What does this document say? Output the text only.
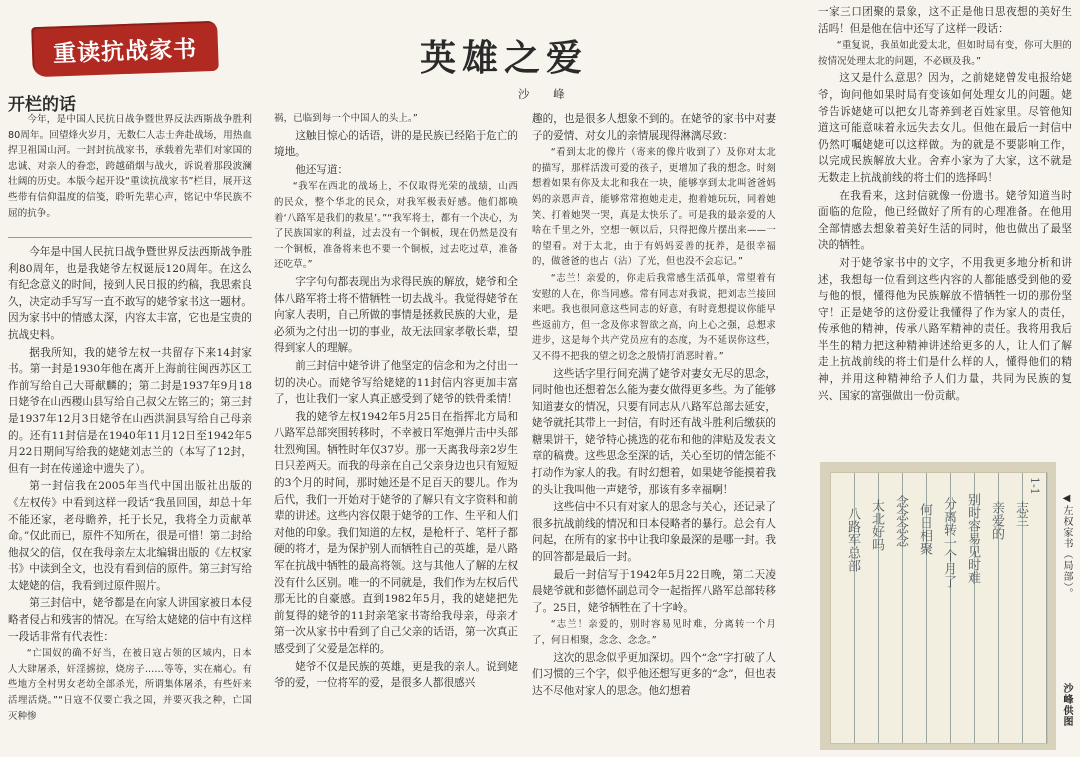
重读抗战家书
开栏的话

今年，是中国人民抗日战争暨世界反法西斯战争胜利80周年。回望烽火岁月，无数仁人志士奔赴战场，用热血捍卫祖国山河。一封封抗战家书，承载着先辈们对家国的忠诚、对亲人的眷恋，跨越硝烟与战火，诉说着那段波澜壮阔的历史。本版今起开设“重读抗战家书”栏目，展开这些带有信仰温度的信笺，聆听先辈心声，铭记中华民族不屈的抗争。

英雄之爱
沙 峰

今年是中国人民抗日战争暨世界反法西斯战争胜利80周年，也是我姥爷左权诞辰120周年。在这么有纪念意义的时间，接到人民日报的约稿，我思索良久，决定动手写写一直不敢写的姥爷家书这一题材。因为家书中的情感太深，内容太丰富，它也是宝贵的抗战史料。

据我所知，我的姥爷左权一共留存下来14封家书。第一封是1930年他在离开上海前往闽西苏区工作前写给自己大哥献麟的；第二封是1937年9月18日姥爷在山西稷山县写给自己叔父左铭三的；第三封是1937年12月3日姥爷在山西洪洞县写给自己母亲的。还有11封信是在1940年11月12日至1942年5月22日期间写给我的姥姥刘志兰的（本写了12封，但有一封在传递途中遗失了）。

第一封信我在2005年当代中国出版社出版的《左权传》中看到这样一段话“我虽回国，却总十年不能还家，老母瞻养，托于长兄，我将全力贡献革命。”仅此而已，原件不知所在，很是可惜！第二封给他叔父的信，仅在我母亲左太北编辑出版的《左权家书》中读到全文，也没有看到信的原件。第三封写给太姥姥的信，我看到过原件照片。

第三封信中，姥爷都是在向家人讲国家被日本侵略者侵占和残害的情况。在写给太姥姥的信中有这样一段话非常有代表性：

“亡国奴的确不好当，在被日寇占领的区域内，日本人大肆屠杀，奸淫掳掠，烧房子……等等，实在痛心。有些地方全村男女老幼全部杀光，所谓集体屠杀，有些奸来活埋活烧。”“日寇不仅要亡我之国，并要灭我之种，亡国灭种惨

祸，已临到每一个中国人的头上。”

这触目惊心的话语，讲的是民族已经陷于危亡的境地。

他还写道：

“我军在西北的战场上，不仅取得光荣的战绩，山西的民众，整个华北的民众，对我军极表好感。他们都唤着‘八路军是我们的救星’。”“我军将士，都有一个决心，为了民族国家的利益，过去没有一个铜板，现在仍然是没有一个铜板，准备将来也不要一个铜板，过去吃过草，准备还吃草。”

字字句句都表现出为求得民族的解放，姥爷和全体八路军将士将不惜牺牲一切去战斗。我觉得姥爷在向家人表明，自己所做的事情是拯救民族的大业，是必须为之付出一切的事业，故无法回家孝敬长辈，望得到家人的理解。

前三封信中姥爷讲了他坚定的信念和为之付出一切的决心。而姥爷写给姥姥的11封信内容更加丰富了，也让我们一家人真正感受到了姥爷的铁骨柔情！

我的姥爷左权1942年5月25日在指挥北方局和八路军总部突围转移时，不幸被日军炮弹片击中头部壮烈殉国。牺牲时年仅37岁。那一天离我母亲2岁生日只差两天。而我的母亲在自己父亲身边也只有短短的3个月的时间，那时她还是不足百天的婴儿。作为后代，我们一开始对于姥爷的了解只有文字资料和前辈的讲述。这些内容仅限于姥爷的工作、生平和人们对他的印象。我们知道的左权，是枪杆子、笔杆子都硬的将才，是为保护别人而牺牲自己的英雄，是八路军在抗战中牺牲的最高将领。这与其他人了解的左权没有什么区别。唯一的不同就是，我们作为左权后代那无比的自豪感。直到1982年5月，我的姥姥把先前复得的姥爷的11封亲笔家书寄给我母亲，母亲才第一次从家书中看到了自己父亲的话语，第一次真正感受到了父爱是怎样的。

姥爷不仅是民族的英雄，更是我的亲人。说到姥爷的爱，一位将军的爱，是很多人都很感兴

趣的，也是很多人想象不到的。在姥爷的家书中对妻子的爱情、对女儿的亲情展现得淋漓尽致：

“看到太北的像片（寄来的像片收到了）及你对太北的描写，那样活泼可爱的孩子，更增加了我的想念。时刻想着如果有你及太北和我在一块，能够享到太北叫爸爸妈妈的亲恩声音，能够常常抱她走走，抱着她玩玩，同着她笑、打着她哭一哭，真是太快乐了。可是我的最亲爱的人啥在千里之外，空想一顿以后，只得把像片摆出来——一的望看。对于太北，由于有妈妈妥善的抚养，是很幸福的，做爸爸的也占（沾）了光，但也没不会忘记。”

“志兰！亲爱的，你走后我常感生活孤单，常望着有安慰的人在，你当同感。常有同志对我说，把刘志兰接回来吧。我也很同意这些同志的好意，有时竟想提议你能早些返前方，但一念及你求智欲之高，向上心之强，总想求进步，这是每个共产党员应有的态度，为不延误你这些，又不得不把我的望之切念之殷情打消恶时着。”

这些话字里行间充满了姥爷对妻女无尽的思念，同时他也还想着怎么能为妻女做得更多些。为了能够知道妻女的情况，只要有同志从八路军总部去延安，姥爷就托其带上一封信，有时还有战斗胜利后缴获的糖果饼干，姥爷特心挑选的花布和他的津贴及发表文章的稿费。这些思念至深的话，关心至切的情怎能不打动作为家人的我。有时幻想着，如果姥爷能摸着我的头让我叫他一声姥爷，那该有多幸福啊！

这些信中不只有对家人的思念与关心，还记录了很多抗战前线的情况和日本侵略者的暴行。总会有人问起，在所有的家书中让我印象最深的是哪一封。我的回答都是最后一封。

最后一封信写于1942年5月22日晚，第二天凌晨姥爷就和彭德怀副总司令一起指挥八路军总部转移了。25日，姥爷牺牲在了十字岭。

“志兰！亲爱的，别时容易见时难，分离转一个月了，何日相聚，念念、念念。”

这次的思念似乎更加深切。四个“念”字打破了人们习惯的三个字，似乎他还想写更多的“念”，但也表达不尽他对家人的思念。他幻想着

一家三口团聚的景象，这不正是他日思夜想的美好生活吗！但是他在信中还写了这样一段话：

“重复说，我虽如此爱太北，但如时局有变，你可大胆的按情况处理太北的问题，不必顾及我。”

这又是什么意思？因为，之前姥姥曾发电报给姥爷，询问他如果时局有变该如何处理女儿的问题。姥爷告诉姥姥可以把女儿寄养到老百姓家里。尽管他知道这可能意味着永远失去女儿。但他在最后一封信中仍然叮嘱姥姥可以这样做。为的就是不要影响工作，以完成民族解放大业。舍弃小家为了大家，这不就是无数走上抗战前线的将士们的选择吗！

在我看来，这封信就像一份遗书。姥爷知道当时面临的危险，他已经做好了所有的心理准备。在他用全部情感去想象着美好生活的同时，他也做出了最坚决的牺牲。

对于姥爷家书中的文字，不用我更多地分析和讲述，我想每一位看到这些内容的人都能感受到他的爱与他的恨，懂得他为民族解放不惜牺牲一切的那份坚守！正是姥爷的这份爱让我懂得了作为家人的责任，传承他的精神，传承八路军精神的责任。我将用我后半生的精力把这种精神讲述给更多的人，让人们了解走上抗战前线的将士们是什么样的人，懂得他们的精神，并用这种精神给予人们力量，共同为民族的复兴、国家的富强做出一份贡献。

1-1
志兰
亲爱的
别时容易见时难
分离转一个月了
何日相聚
念念念念
太北好吗
八路军总部	◀左权家书（局部）。
沙峰供图
